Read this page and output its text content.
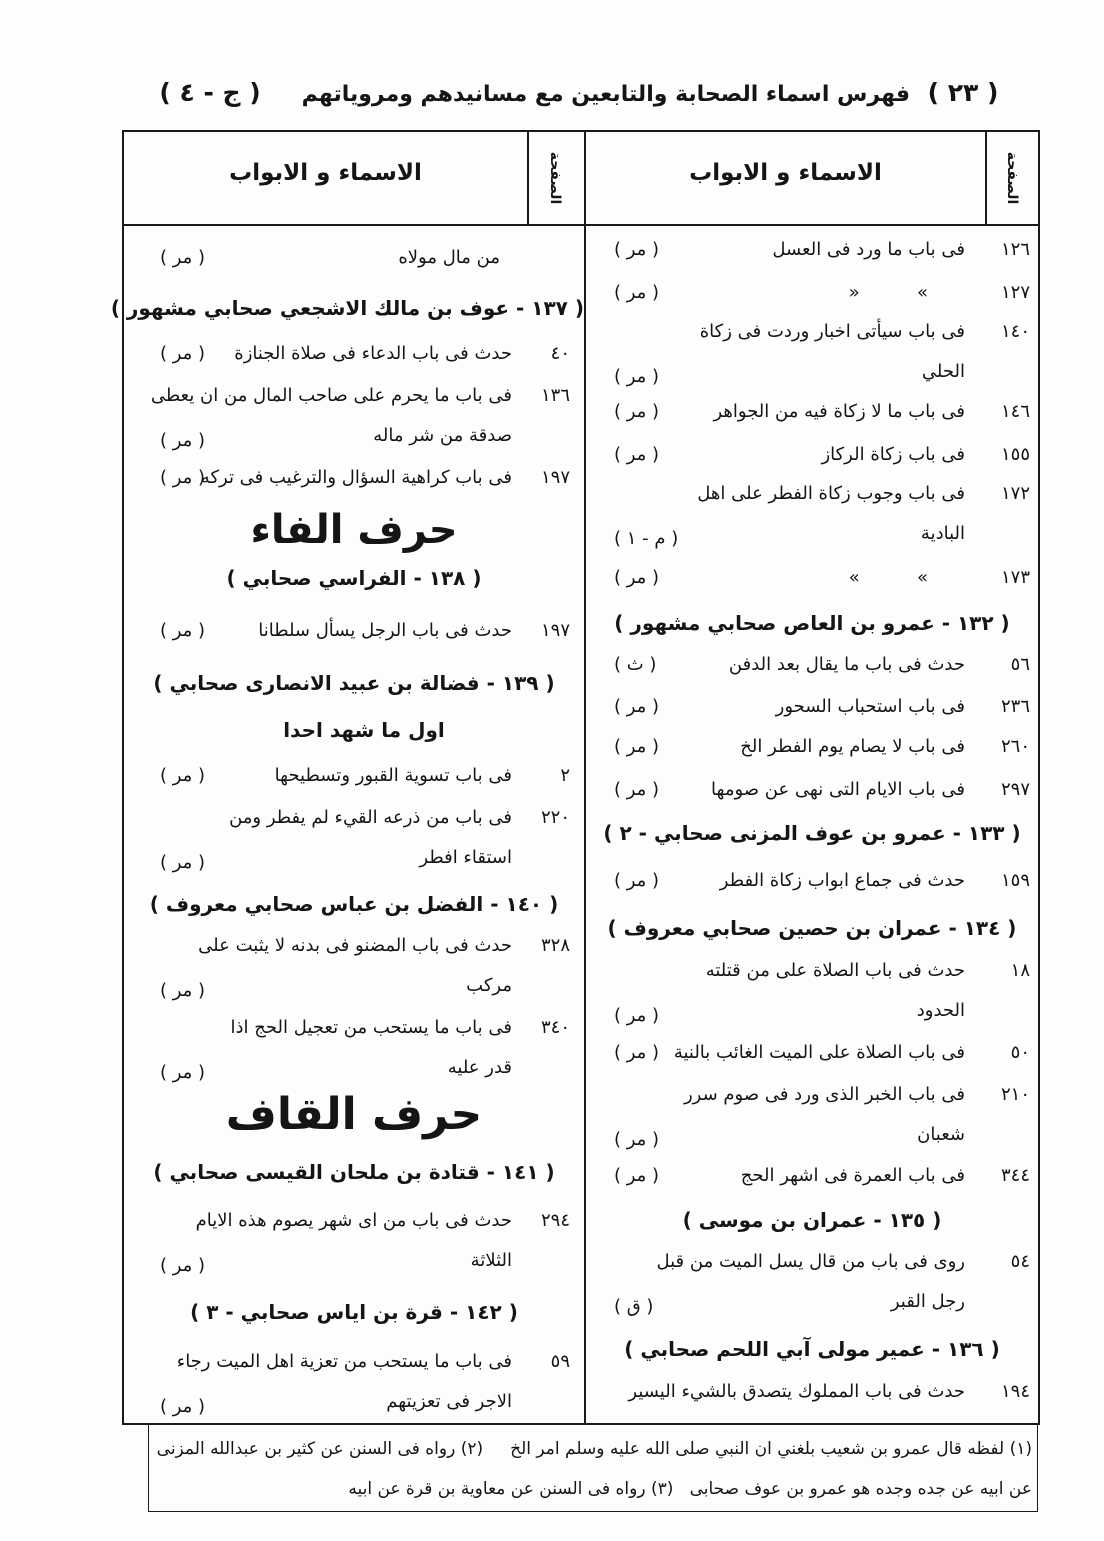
( ٢٣ )
فهرس اسماء الصحابة والتابعين مع مسانيدهم ومروياتهم
( ج - ٤ )
الصفحة
الاسماء و الابواب
١٢٦
فى باب ما ورد فى العسل
( مر )
١٢٧
»          «
( مر )
١٤٠
فى باب سيأتى اخبار وردت فى زكاة
الحلي
( مر )
١٤٦
فى باب ما لا زكاة فيه من الجواهر
( مر )
١٥٥
فى باب زكاة الركاز
( مر )
١٧٢
فى باب وجوب زكاة الفطر على اهل
البادية
( م - ١ )
١٧٣
»          »
( مر )
( ١٣٢ - عمرو بن العاص صحابي مشهور )
٥٦
حدث فى باب ما يقال بعد الدفن
( ث )
٢٣٦
فى باب استحباب السحور
( مر )
٢٦٠
فى باب لا يصام يوم الفطر الخ
( مر )
٢٩٧
فى باب الايام التى نهى عن صومها
( مر )
( ١٣٣ - عمرو بن عوف المزنى صحابي - ٢ )
١٥٩
حدث فى جماع ابواب زكاة الفطر
( مر )
( ١٣٤ - عمران بن حصين صحابي معروف )
١٨
حدث فى باب الصلاة على من قتلته
الحدود
( مر )
٥٠
فى باب الصلاة على الميت الغائب بالنية
( مر )
٢١٠
فى باب الخبر الذى ورد فى صوم سرر
شعبان
( مر )
٣٤٤
فى باب العمرة فى اشهر الحج
( مر )
( ١٣٥ - عمران بن موسى )
٥٤
روى فى باب من قال يسل الميت من قبل
رجل القبر
( ق )
( ١٣٦ - عمير مولى آبي اللحم صحابي )
١٩٤
حدث فى باب المملوك يتصدق بالشيء اليسير
الصفحة
الاسماء و الابواب
من مال مولاه
( مر )
( ١٣٧ - عوف بن مالك الاشجعي صحابي مشهور )
٤٠
حدث فى باب الدعاء فى صلاة الجنازة
( مر )
١٣٦
فى باب ما يحرم على صاحب المال من ان يعطى
صدقة من شر ماله
( مر )
١٩٧
فى باب كراهية السؤال والترغيب فى تركه
( مر )
حرف الفاء
( ١٣٨ - الفراسي صحابي )
١٩٧
حدث فى باب الرجل يسأل سلطانا
( مر )
( ١٣٩ - فضالة بن عبيد الانصارى صحابي )
اول ما شهد احدا
٢
فى باب تسوية القبور وتسطيحها
( مر )
٢٢٠
فى باب من ذرعه القيء لم يفطر ومن
استقاء افطر
( مر )
( ١٤٠ - الفضل بن عباس صحابي معروف )
٣٢٨
حدث فى باب المضنو فى بدنه لا يثبت على
مركب
( مر )
٣٤٠
فى باب ما يستحب من تعجيل الحج اذا
قدر عليه
( مر )
حرف القاف
( ١٤١ - قتادة بن ملحان القيسى صحابي )
٢٩٤
حدث فى باب من اى شهر يصوم هذه الايام
الثلاثة
( مر )
( ١٤٢ - قرة بن اياس صحابي - ٣ )
٥٩
فى باب ما يستحب من تعزية اهل الميت رجاء
الاجر فى تعزيتهم
( مر )
(١) لفظه قال عمرو بن شعيب بلغني ان النبي صلى الله عليه وسلم امر الخ     (٢) رواه فى السنن عن كثير بن عبدالله المزنى
عن ابيه عن جده وجده هو عمرو بن عوف صحابى   (٣) رواه فى السنن عن معاوية بن قرة عن ابيه
